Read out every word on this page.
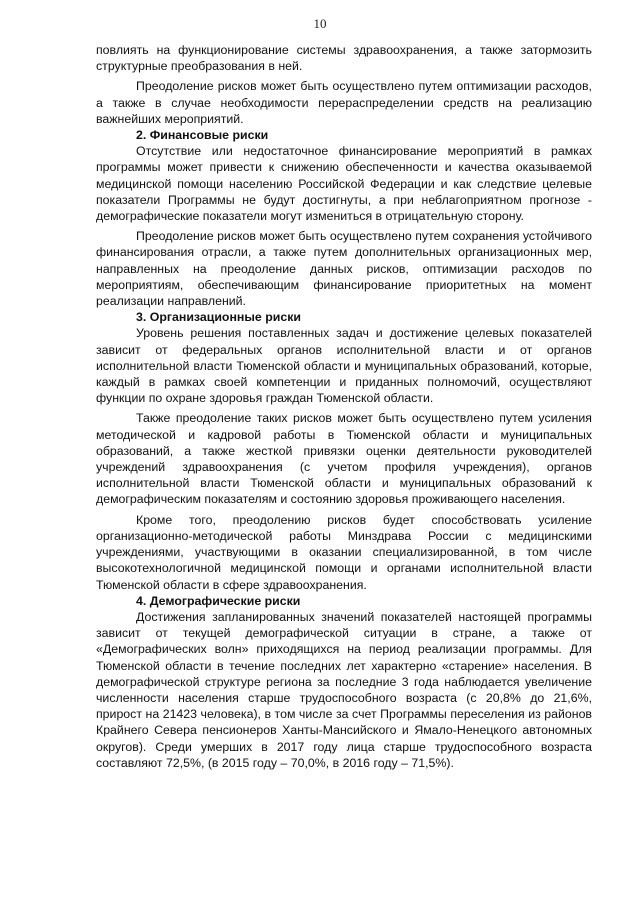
10

повлиять на функционирование системы здравоохранения, а также затормозить структурные преобразования в ней.

Преодоление рисков может быть осуществлено путем оптимизации расходов, а также в случае необходимости перераспределении средств на реализацию важнейших мероприятий.

2. Финансовые риски

Отсутствие или недостаточное финансирование мероприятий в рамках программы может привести к снижению обеспеченности и качества оказываемой медицинской помощи населению Российской Федерации и как следствие целевые показатели Программы не будут достигнуты, а при неблагоприятном прогнозе - демографические показатели могут измениться в отрицательную сторону.

Преодоление рисков может быть осуществлено путем сохранения устойчивого финансирования отрасли, а также путем дополнительных организационных мер, направленных на преодоление данных рисков, оптимизации расходов по мероприятиям, обеспечивающим финансирование приоритетных на момент реализации направлений.

3. Организационные риски

Уровень решения поставленных задач и достижение целевых показателей зависит от федеральных органов исполнительной власти и от органов исполнительной власти Тюменской области и муниципальных образований, которые, каждый в рамках своей компетенции и приданных полномочий, осуществляют функции по охране здоровья граждан Тюменской области.

Также преодоление таких рисков может быть осуществлено путем усиления методической и кадровой работы в Тюменской области и муниципальных образований, а также жесткой привязки оценки деятельности руководителей учреждений здравоохранения (с учетом профиля учреждения), органов исполнительной власти Тюменской области и муниципальных образований к демографическим показателям и состоянию здоровья проживающего населения.

Кроме того, преодолению рисков будет способствовать усиление организационно-методической работы Минздрава России с медицинскими учреждениями, участвующими в оказании специализированной, в том числе высокотехнологичной медицинской помощи и органами исполнительной власти Тюменской области в сфере здравоохранения.

4. Демографические риски

Достижения запланированных значений показателей настоящей программы зависит от текущей демографической ситуации в стране, а также от «Демографических волн» приходящихся на период реализации программы. Для Тюменской области в течение последних лет характерно «старение» населения. В демографической структуре региона за последние 3 года наблюдается увеличение численности населения старше трудоспособного возраста (с 20,8% до 21,6%, прирост на 21423 человека), в том числе за счет Программы переселения из районов Крайнего Севера пенсионеров Ханты-Мансийского и Ямало-Ненецкого автономных округов). Среди умерших в 2017 году лица старше трудоспособного возраста составляют 72,5%, (в 2015 году – 70,0%, в 2016 году – 71,5%).
